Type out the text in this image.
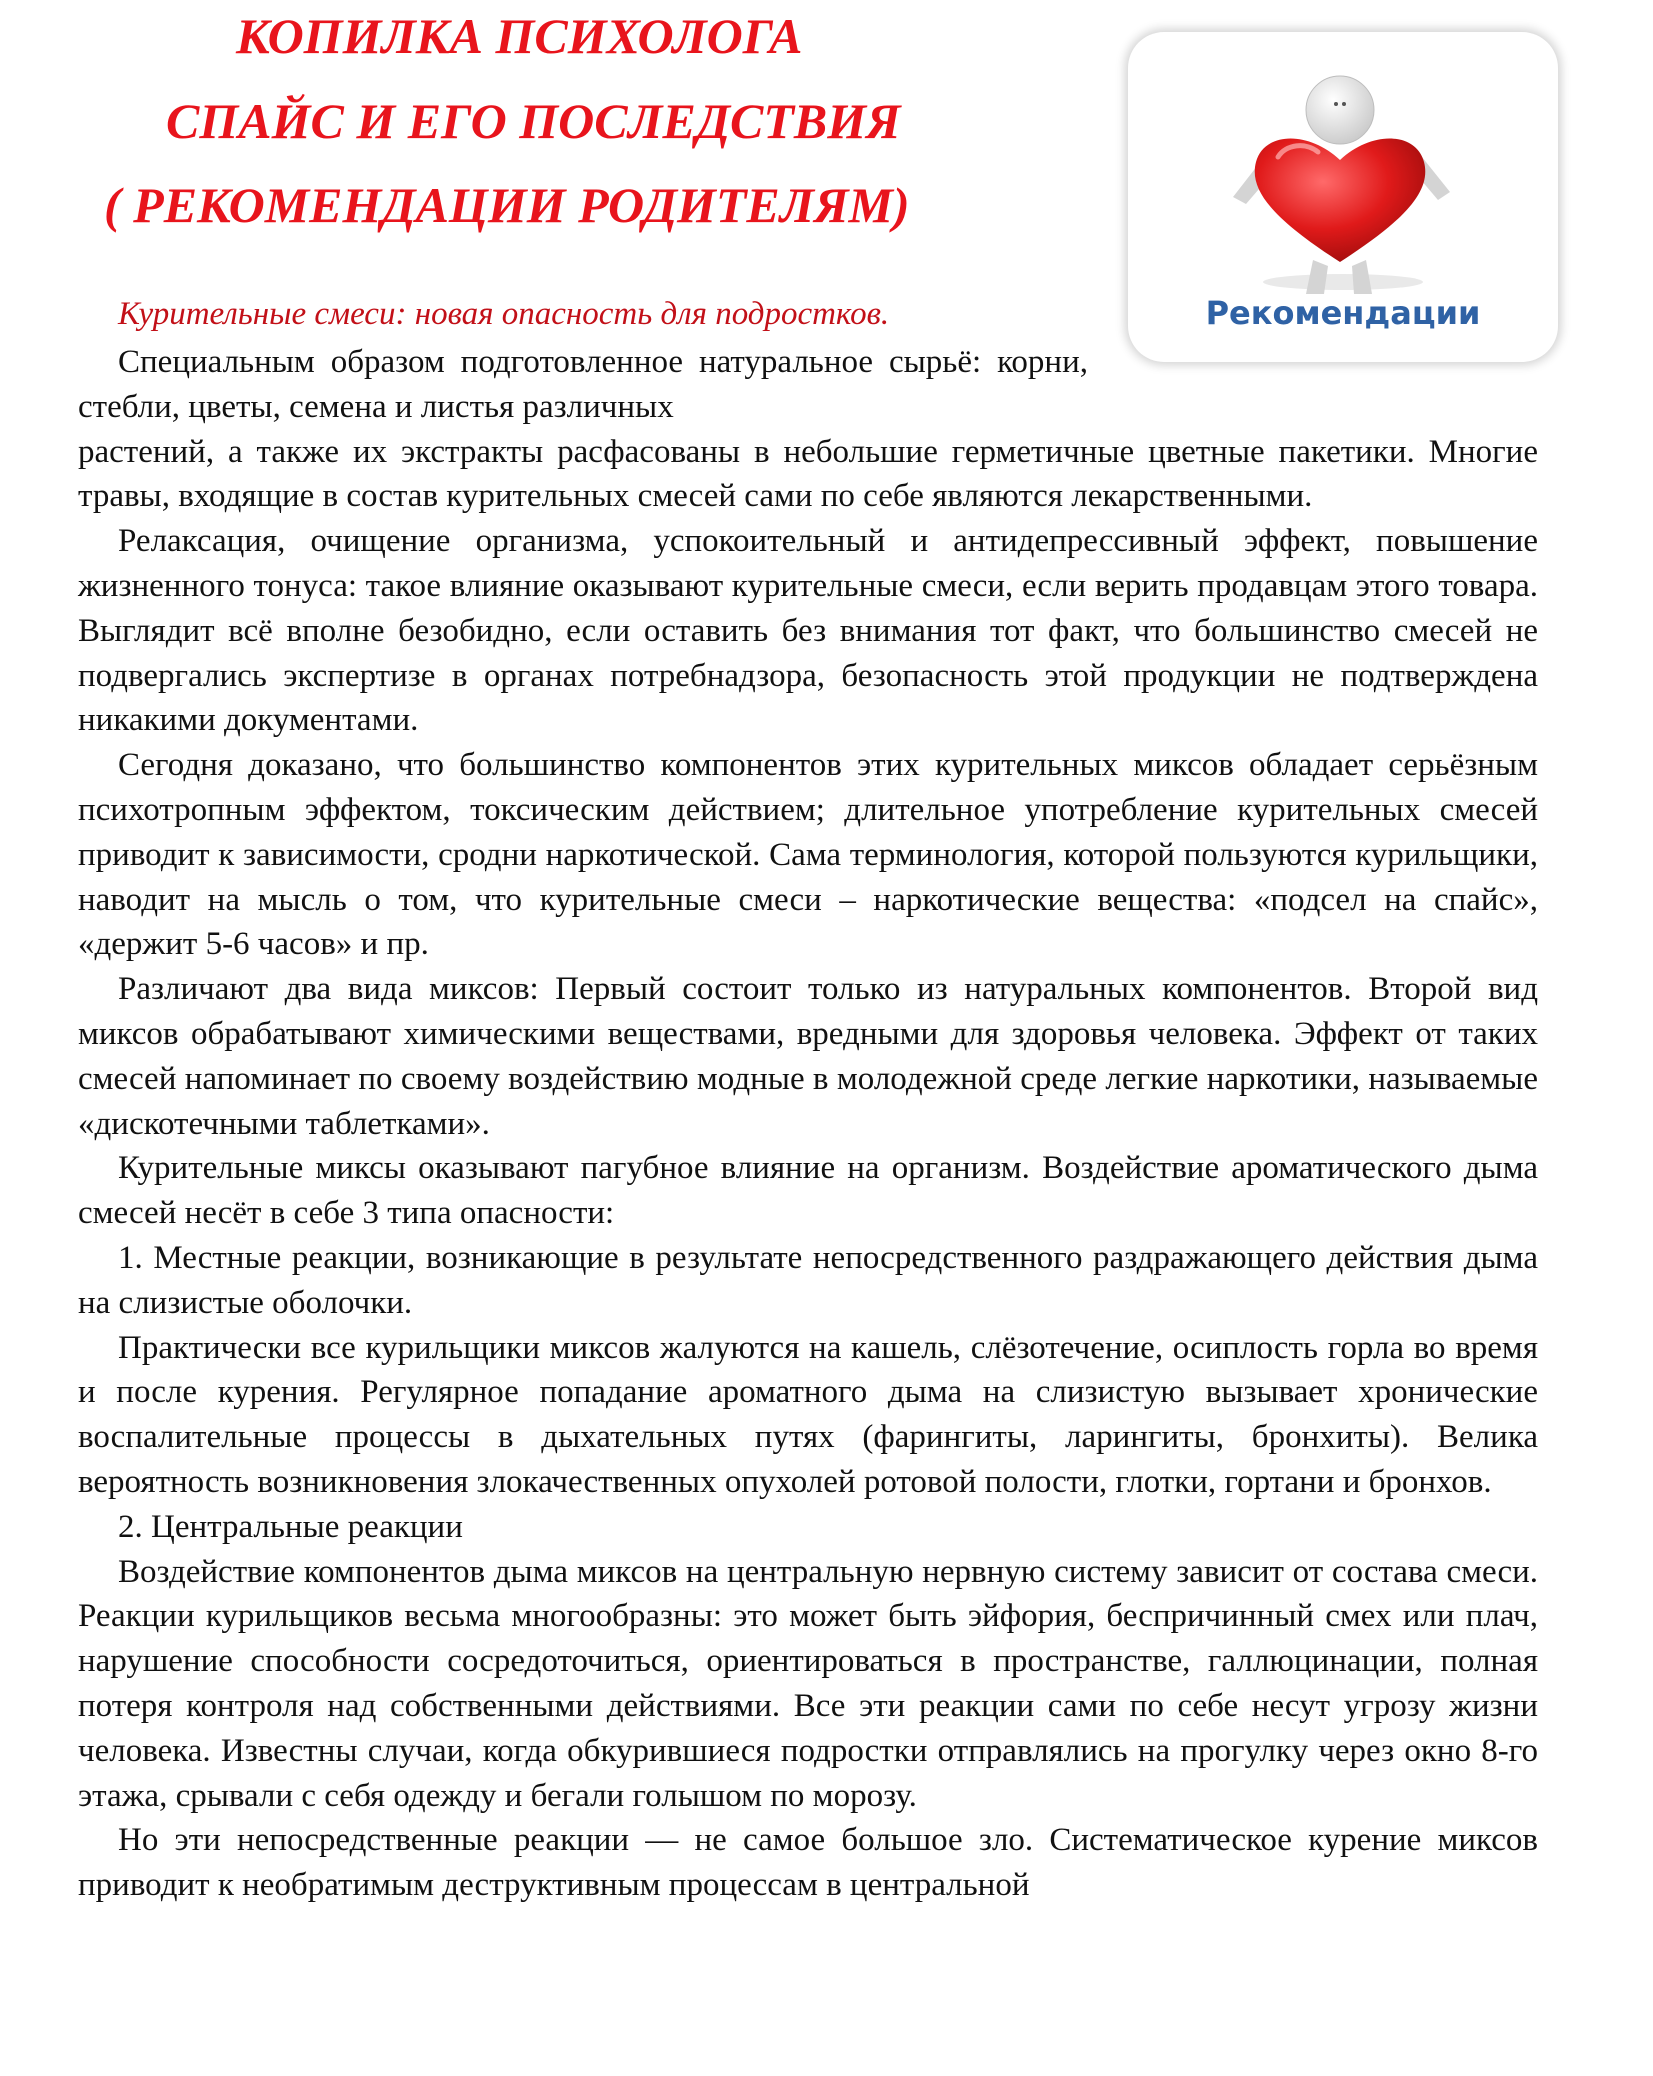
КОПИЛКА ПСИХОЛОГА
СПАЙС И ЕГО ПОСЛЕДСТВИЯ
( РЕКОМЕНДАЦИИ РОДИТЕЛЯМ)
Рекомендации
Курительные смеси: новая опасность для подростков.

Специальным образом подготовленное натуральное сырьё: корни, стебли, цветы, семена и листья различных

растений, а также их экстракты расфасованы в небольшие герметичные цветные пакетики. Многие травы, входящие в состав курительных смесей сами по себе являются лекарственными.

Релаксация, очищение организма, успокоительный и антидепрессивный эффект, повышение жизненного тонуса: такое влияние оказывают курительные смеси, если верить продавцам этого товара. Выглядит всё вполне безобидно, если оставить без внимания тот факт, что большинство смесей не подвергались экспертизе в органах потребнадзора, безопасность этой продукции не подтверждена никакими документами.

Сегодня доказано, что большинство компонентов этих курительных миксов обладает серьёзным психотропным эффектом, токсическим действием; длительное употребление курительных смесей приводит к зависимости, сродни наркотической. Сама терминология, которой пользуются курильщики, наводит на мысль о том, что курительные смеси – наркотические вещества: «подсел на спайс», «держит 5-6 часов» и пр.

Различают два вида миксов: Первый состоит только из натуральных компонентов. Второй вид миксов обрабатывают химическими веществами, вредными для здоровья человека. Эффект от таких смесей напоминает по своему воздействию модные в молодежной среде легкие наркотики, называемые «дискотечными таблетками».

Курительные миксы оказывают пагубное влияние на организм. Воздействие ароматического дыма смесей несёт в себе 3 типа опасности:

1. Местные реакции, возникающие в результате непосредственного раздражающего действия дыма на слизистые оболочки.

Практически все курильщики миксов жалуются на кашель, слёзотечение, осиплость горла во время и после курения. Регулярное попадание ароматного дыма на слизистую вызывает хронические воспалительные процессы в дыхательных путях (фарингиты, ларингиты, бронхиты). Велика вероятность возникновения злокачественных опухолей ротовой полости, глотки, гортани и бронхов.

2. Центральные реакции

Воздействие компонентов дыма миксов на центральную нервную систему зависит от состава смеси. Реакции курильщиков весьма многообразны: это может быть эйфория, беспричинный смех или плач, нарушение способности сосредоточиться, ориентироваться в пространстве, галлюцинации, полная потеря контроля над собственными действиями. Все эти реакции сами по себе несут угрозу жизни человека. Известны случаи, когда обкурившиеся подростки отправлялись на прогулку через окно 8-го этажа, срывали с себя одежду и бегали голышом по морозу.

Но эти непосредственные реакции — не самое большое зло. Систематическое курение миксов приводит к необратимым деструктивным процессам в центральной
